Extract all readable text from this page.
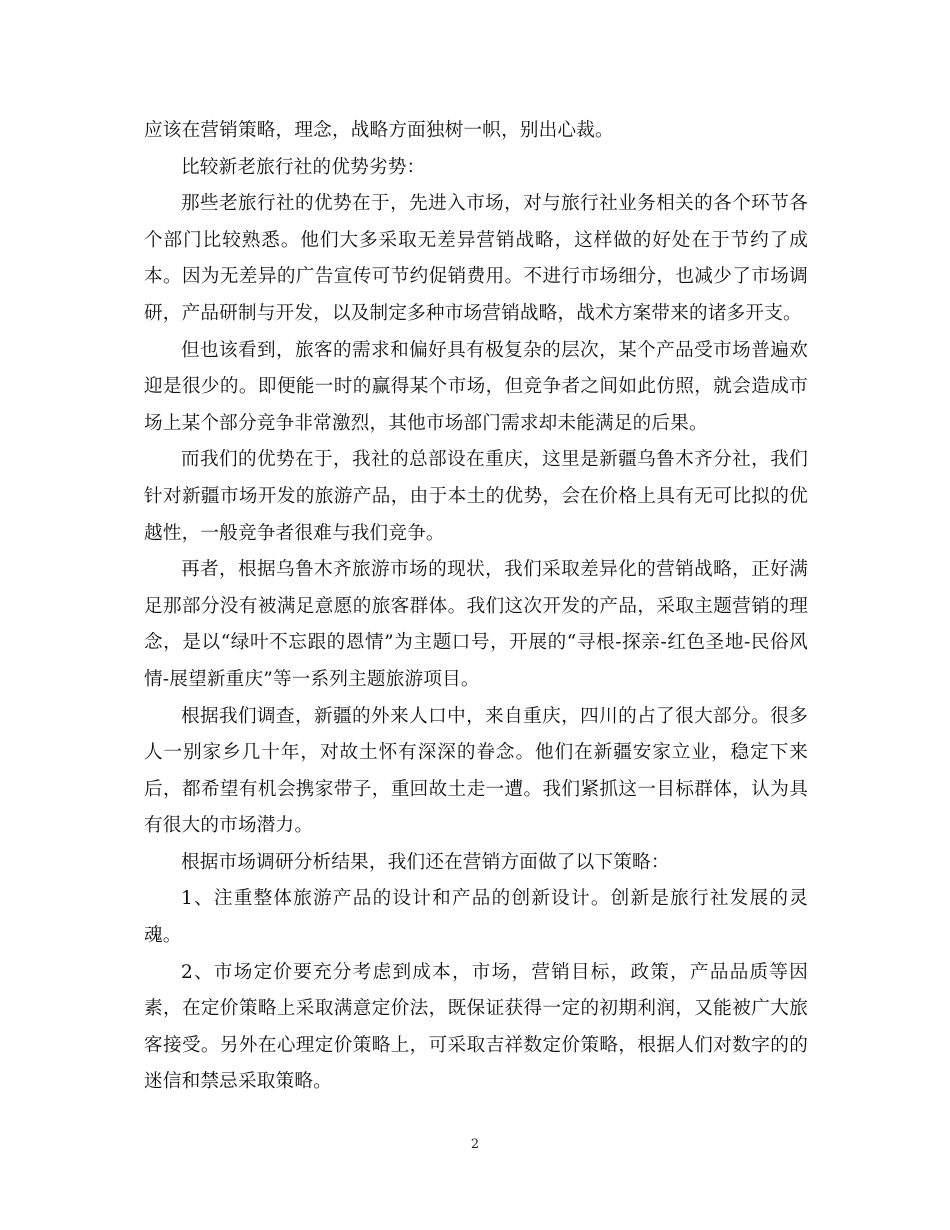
应该在营销策略，理念，战略方面独树一帜，别出心裁。

比较新老旅行社的优势劣势：

那些老旅行社的优势在于，先进入市场，对与旅行社业务相关的各个环节各个部门比较熟悉。他们大多采取无差异营销战略，这样做的好处在于节约了成本。因为无差异的广告宣传可节约促销费用。不进行市场细分，也减少了市场调研，产品研制与开发，以及制定多种市场营销战略，战术方案带来的诸多开支。

但也该看到，旅客的需求和偏好具有极复杂的层次，某个产品受市场普遍欢迎是很少的。即便能一时的赢得某个市场，但竞争者之间如此仿照，就会造成市场上某个部分竞争非常激烈，其他市场部门需求却未能满足的后果。

而我们的优势在于，我社的总部设在重庆，这里是新疆乌鲁木齐分社，我们针对新疆市场开发的旅游产品，由于本土的优势，会在价格上具有无可比拟的优越性，一般竞争者很难与我们竞争。

再者，根据乌鲁木齐旅游市场的现状，我们采取差异化的营销战略，正好满足那部分没有被满足意愿的旅客群体。我们这次开发的产品，采取主题营销的理念，是以“绿叶不忘跟的恩情”为主题口号，开展的“寻根-探亲-红色圣地-民俗风情-展望新重庆”等一系列主题旅游项目。

根据我们调查，新疆的外来人口中，来自重庆，四川的占了很大部分。很多人一别家乡几十年，对故土怀有深深的眷念。他们在新疆安家立业，稳定下来后，都希望有机会携家带子，重回故土走一遭。我们紧抓这一目标群体，认为具有很大的市场潜力。

根据市场调研分析结果，我们还在营销方面做了以下策略：

1、注重整体旅游产品的设计和产品的创新设计。创新是旅行社发展的灵魂。

2、市场定价要充分考虑到成本，市场，营销目标，政策，产品品质等因素，在定价策略上采取满意定价法，既保证获得一定的初期利润，又能被广大旅客接受。另外在心理定价策略上，可采取吉祥数定价策略，根据人们对数字的的迷信和禁忌采取策略。

2
